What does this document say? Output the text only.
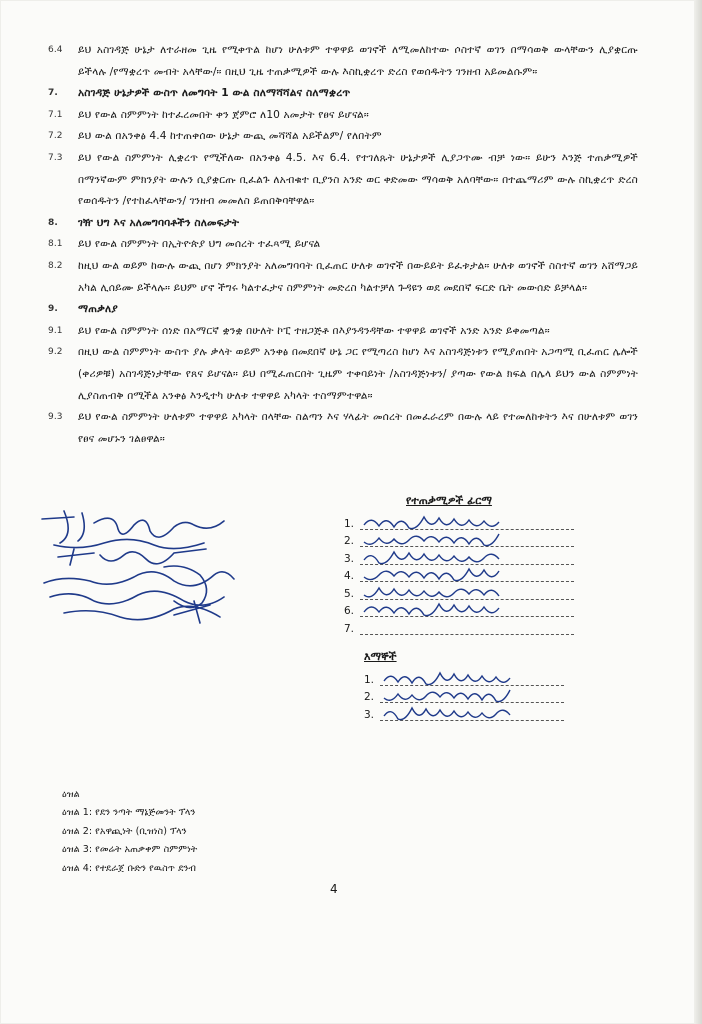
6.4	ይህ አስገዳጅ ሁኔታ ለተራዘመ ጊዜ የሚቀጥል ከሆነ ሁለቱም ተዋዋይ ወገኖች ለሚመለከተው ሶስተኛ ወገን በማሳወቅ ውላቸውን ሊያቋርጡ ይችላሉ /የማቋረጥ መብት አላቸው/። በዚህ ጊዜ ተጠቃሚዎች ውሉ እስኪቋረጥ ድረስ የወሰዱትን ገንዘብ አይመልሱም።
7.	አስገዳጅ ሁኔታዎች ውስጥ ለመግባት 1 ውል ስለማሻሻልና ስለማቋረጥ
7.1	ይህ የውል ስምምነት ከተፈረመበት ቀን ጀምሮ ለ10 አመታት የፀና ይሆናል።
7.2	ይህ ውል በአንቀፅ 4.4 ከተጠቀሰው ሁኔታ ውጪ መሻሻል አይችልም/ የለበትም
7.3	ይህ የውል ስምምነት ሊቋረጥ የሚችለው በአንቀፅ 4.5. እና 6.4. የተገለጹት ሁኔታዎች ሊያጋጥሙ ብቻ ነው። ይሁን እንጅ ተጠቃሚዎች በማንኛውም ምክንያት ውሉን ሲያቋርጡ ቢፈልጉ ለአብቁተ ቢያንስ አንድ ወር ቀድመው ማሳወቅ አለባቸው። በተጨማሪም ውሉ ስኪቋረጥ ድረስ የወሰዱትን /የተከፈላቸውን/ ገንዘብ መመለስ ይጠበቅባቸዋል።
8.	ገዥ ህግ እና አለመግባባቶችን ስለመፍታት
8.1	ይህ የውል ስምምነት በኢትዮጵያ ህግ መሰረት ተፈጻሚ ይሆናል
8.2	ከዚህ ውል ወይም ከውሉ ውጪ በሆነ ምክንያት አለመግባባት ቢፈጠር ሁለቱ ወገኖች በውይይት ይፈቱታል። ሁለቱ ወገኖች ስስተኛ ወገን አሸማጋይ አካል ሊሰይሙ ይችላሉ። ይህም ሆኖ ችግሩ ካልተፈታና ስምምነት መድረስ ካልተቻለ ጉዳዩን ወደ መደበኛ ፍርድ ቤት መውሰድ ይቻላል።
9.	ማጠቃለያ
9.1	ይህ የውል ስምምነት ሰነድ በአማርኛ ቋንቋ በሁለት ኮፒ ተዘጋጅቶ በእያንዳንዳቸው ተዋዋይ ወገኖች አንድ አንድ ይቀመጣል።
9.2	በዚህ ውል ስምምነት ውስጥ ያሉ ቃላት ወይም አንቀፅ በመደበኛ ሁኔ ጋር የሚጣረስ ከሆነ እና አስገዳጅነቱን የሚያጠበት አጋጣሚ ቢፈጠር ሌሎች (ቀሪዎቹ) አስገዳጅነታቸው የጸና ይሆናል። ይህ በሚፈጠርበት ጊዜም ተቀባይነት /አስገዳጅነቱን/ ያጣው የውል ክፍል በሌላ ይህን ውል ስምምነት ሊያስጠብቅ በሚችል አንቀፅ እንዲተካ ሁለቱ ተዋዋይ አካላት ተስማምተዋል።
9.3	ይህ የውል ስምምነት ሁለቱም ተዋዋይ አካላት በላቸው ስልጣን እና ሃላፊት መሰረት በመፈራረም በውሉ ላይ የተመለከቱትን እና በሁለቱም ወገን የፀና መሆኑን ገልፀዋል።
የተጠቃሚዎች ፊርማ
1.
2.
3.
4.
5.
6.
7.
እማኞች
1.
2.
3.
ዕዝል
ዕዝል 1: የደን ንጣት ማኔጅመንት ፕላን
ዕዝል 2: የአዋጪነት (ቢዝነስ) ፕላን
ዕዝል 3: የመሬት አጠቃቀም ስምምነት
ዕዝል 4: የተደራጀ ቡድን የዉስጥ ደንብ
4
